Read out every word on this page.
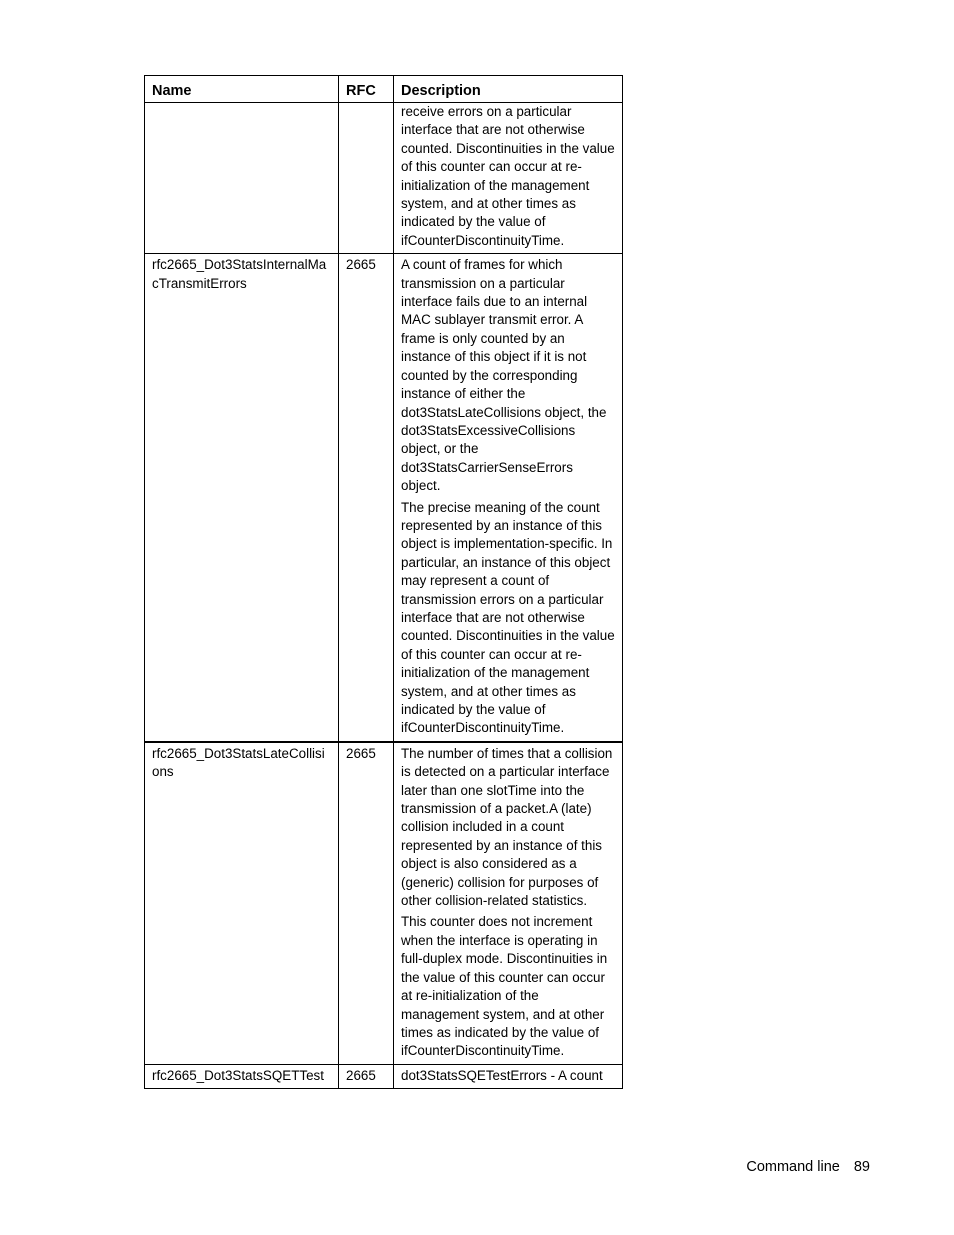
Name	RFC	Description

		receive errors on a particular interface that are not otherwise counted. Discontinuities in the value of this counter can occur at re-initialization of the management system, and at other times as indicated by the value of ifCounterDiscontinuityTime.

rfc2665_Dot3StatsInternalMacTransmitErrors	2665	A count of frames for which transmission on a particular interface fails due to an internal MAC sublayer transmit error. A frame is only counted by an instance of this object if it is not counted by the corresponding instance of either the dot3StatsLateCollisions object, the dot3StatsExcessiveCollisions object, or the dot3StatsCarrierSenseErrors object.

The precise meaning of the count represented by an instance of this object is implementation-specific. In particular, an instance of this object may represent a count of transmission errors on a particular interface that are not otherwise counted. Discontinuities in the value of this counter can occur at re-initialization of the management system, and at other times as indicated by the value of ifCounterDiscontinuityTime.

rfc2665_Dot3StatsLateCollisions	2665	The number of times that a collision is detected on a particular interface later than one slotTime into the transmission of a packet.A (late) collision included in a count represented by an instance of this object is also considered as a (generic) collision for purposes of other collision-related statistics.

This counter does not increment when the interface is operating in full-duplex mode. Discontinuities in the value of this counter can occur at re-initialization of the management system, and at other times as indicated by the value of ifCounterDiscontinuityTime.

rfc2665_Dot3StatsSQETTest	2665	dot3StatsSQETestErrors - A count

Command line 89
